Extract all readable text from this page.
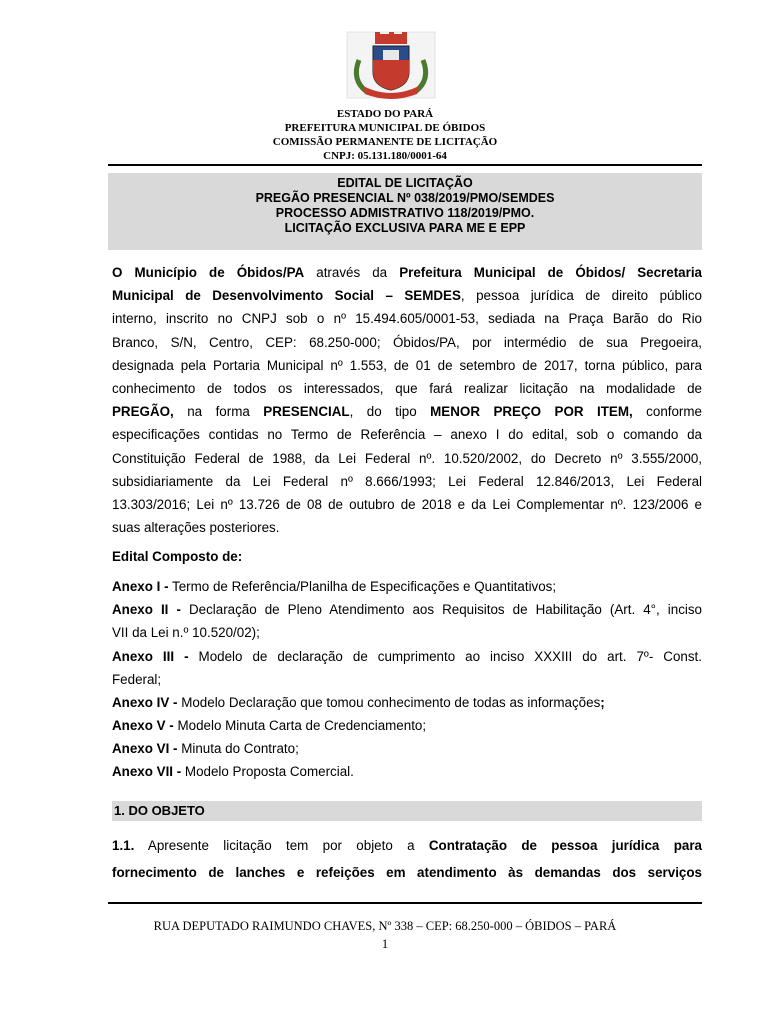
ESTADO DO PARÁ
PREFEITURA MUNICIPAL DE ÓBIDOS
COMISSÃO PERMANENTE DE LICITAÇÃO
CNPJ: 05.131.180/0001-64
EDITAL DE LICITAÇÃO
PREGÃO PRESENCIAL Nº 038/2019/PMO/SEMDES
PROCESSO ADMISTRATIVO 118/2019/PMO.
LICITAÇÃO EXCLUSIVA PARA ME E EPP
O Município de Óbidos/PA através da Prefeitura Municipal de Óbidos/ Secretaria
Municipal de Desenvolvimento Social – SEMDES, pessoa jurídica de direito público
interno, inscrito no CNPJ sob o nº 15.494.605/0001-53, sediada na Praça Barão do Rio
Branco, S/N, Centro, CEP: 68.250-000; Óbidos/PA, por intermédio de sua Pregoeira,
designada pela Portaria Municipal nº 1.553, de 01 de setembro de 2017, torna público, para
conhecimento de todos os interessados, que fará realizar licitação na modalidade de
PREGÃO, na forma PRESENCIAL, do tipo MENOR PREÇO POR ITEM, conforme
especificações contidas no Termo de Referência – anexo I do edital, sob o comando da
Constituição Federal de 1988, da Lei Federal nº. 10.520/2002, do Decreto nº 3.555/2000,
subsidiariamente da Lei Federal nº 8.666/1993; Lei Federal 12.846/2013, Lei Federal
13.303/2016; Lei nº 13.726 de 08 de outubro de 2018 e da Lei Complementar nº. 123/2006 e
suas alterações posteriores.
Edital Composto de:
Anexo I - Termo de Referência/Planilha de Especificações e Quantitativos;
Anexo II - Declaração de Pleno Atendimento aos Requisitos de Habilitação (Art. 4°, inciso
VII da Lei n.º 10.520/02);
Anexo III - Modelo de declaração de cumprimento ao inciso XXXIII do art. 7º- Const.
Federal;
Anexo IV - Modelo Declaração que tomou conhecimento de todas as informações;
Anexo V - Modelo Minuta Carta de Credenciamento;
Anexo VI - Minuta do Contrato;
Anexo VII - Modelo Proposta Comercial.
1. DO OBJETO
1.1. Apresente licitação tem por objeto a Contratação de pessoa jurídica para
fornecimento de lanches e refeições em atendimento às demandas dos serviços
RUA DEPUTADO RAIMUNDO CHAVES, Nº 338 – CEP: 68.250-000 – ÓBIDOS – PARÁ
1
